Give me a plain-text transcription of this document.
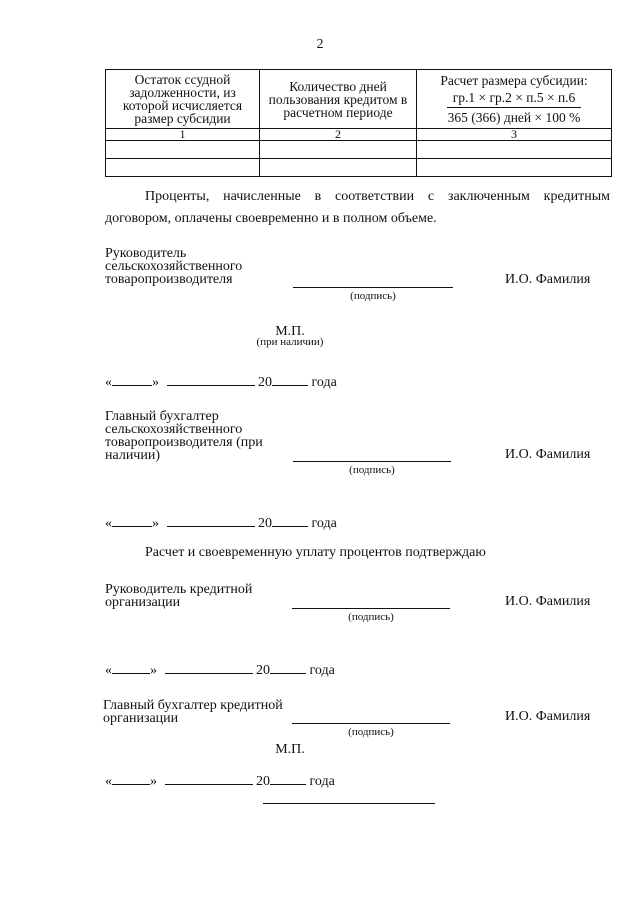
2
Остаток ссудной задолженности, из которой исчисляется размер субсидии	Количество дней пользования кредитом в расчетном периоде	Расчет размера субсидии:
гр.1 × гр.2 × п.5 × п.6
365 (366) дней × 100 %

1	2	3

Проценты, начисленные в соответствии с заключенным кредитным договором, оплачены своевременно и в полном объеме.
Руководитель сельскохозяйственного товаропроизводителя
(подпись)
И.О. Фамилия
М.П.
(при наличии)
«	»	20	года
Главный бухгалтер сельскохозяйственного товаропроизводителя (при наличии)
(подпись)
И.О. Фамилия
«	»	20	года
Расчет и своевременную уплату процентов подтверждаю
Руководитель кредитной организации
(подпись)
И.О. Фамилия
«	»	20	года
Главный бухгалтер кредитной организации
(подпись)
И.О. Фамилия
М.П.
«	»	20	года
